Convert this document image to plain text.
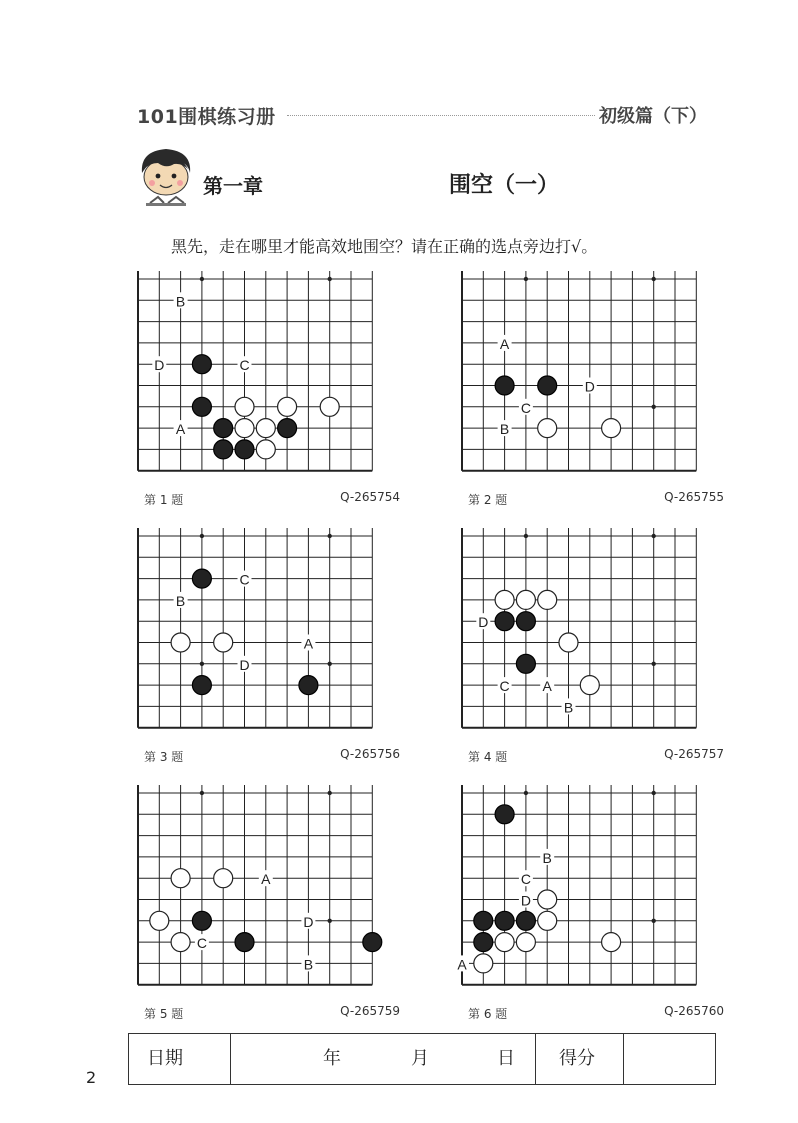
101围棋练习册	初级篇（下）
第一章	围空（一）
黑先，走在哪里才能高效地围空？请在正确的选点旁边打√。
A
B
C
D
第 1 题	Q-265754
A
B
C
D
第 2 题	Q-265755
A
B
C
D
第 3 题	Q-265756
A
B
C
D
第 4 题	Q-265757
A
B
C
D
第 5 题	Q-265759
A
B
C
D
第 6 题	Q-265760
日期	年	月	日 得分
2
